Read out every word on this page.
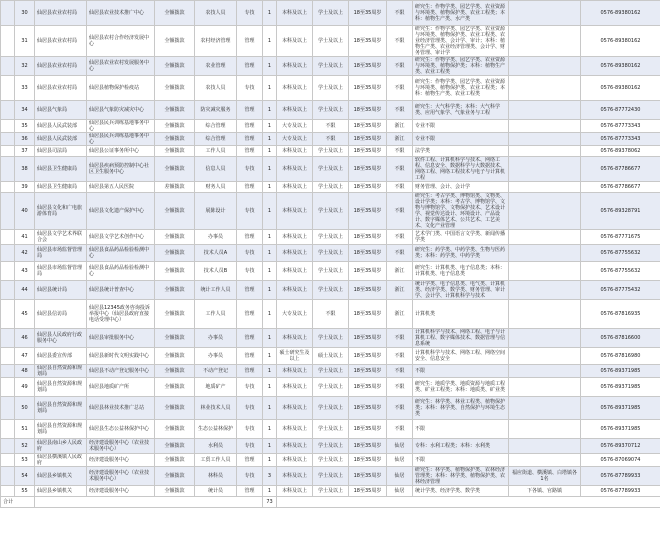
	30	仙居县农业农村局	仙居县农业技术推广中心	全额拨款	农技人员	专技	1	本科及以上	学士及以上	18至35周岁	不限	研究生：作物学类、园艺学类、农业资源与环境类、植物保护类、农业工程类；本科：植物生产类、水产类		0576-89380162
	31	仙居县农业农村局	仙居县农村合作经济发展中心	全额拨款	农村经济管理	管理	1	本科及以上	学士及以上	18至35周岁	不限	研究生：作物学类、园艺学类、农业资源与环境类、植物保护类、农业工程类、农业经济管理类、会计学、审计；本科：植物生产类、农业经济管理类、会计学、财务管理、审计学		0576-89380162
	32	仙居县农业农村局	仙居县农业农村发展服务中心	全额拨款	农业管理	管理	1	本科及以上	学士及以上	18至35周岁	不限	研究生：作物学类、园艺学类、农业资源与环境类、植物保护类；本科：植物生产类、农业工程类		0576-89380162
	33	仙居县农业农村局	仙居县植物保护检疫站	全额拨款	农技人员	专技	1	本科及以上	学士及以上	18至35周岁	不限	研究生：作物学类、园艺学类、农业资源与环境类、植物保护类、农业工程类；本科：植物生产类、农业工程类		0576-89380162
	34	仙居县气象局	仙居县气象防灾减灾中心	全额拨款	防灾减灾服务	管理	1	本科及以上	学士及以上	18至35周岁	不限	研究生：大气科学类；本科：大气科学类、应用气象学、气象业务与工程		0576-87772430
	35	仙居县人民武装部	仙居县民兵训练基地事务中心	全额拨款	综合管理	管理	1	大专及以上	不限	18至35周岁	浙江	专业不限		0576-87773343
	36	仙居县人民武装部	仙居县民兵训练基地事务中心	全额拨款	综合管理	管理	1	大专及以上	不限	18至35周岁	浙江	专业不限		0576-87773343
	37	仙居县司法局	仙居县公证事务所中心	全额拨款	工作人员	管理	1	本科及以上	学士及以上	18至35周岁	不限	法学类		0576-89378062
	38	仙居县卫生健康局	仙居县疾病预防控制中心社区卫生服务中心	全额拨款	信息人员	专技	1	本科及以上	学士及以上	18至35周岁	不限	软件工程、计算机科学与技术、网络工程、信息安全、数据科学与大数据技术、网络工程、网络工程技术与电子与计算机工程		0576-87786677
	39	仙居县卫生健康局	仙居县第五人民医院	差额拨款	财务人员	管理	1	本科及以上	学士及以上	18至35周岁	不限	财务管理、会计、会计学		0576-87786677
	40	仙居县文化和广电旅游体育局	仙居县文化遗产保护中心	全额拨款	展陈设计	专技	1	本科及以上	学士及以上	18至35周岁	不限	研究生：考古学类、博物馆类、文物类、设计学类；本科：考古学、博物馆学、文物与博物馆学、文物保护技术、艺术设计学、视觉传达设计、环境设计、产品设计、数字媒体艺术、公共艺术、工艺美术、文化产业管理		0576-89328791
	41	仙居县文学艺术界联合会	仙居县文学艺术创作中心	全额拨款	办事员	管理	1	本科及以上	学士及以上	18至35周岁	不限	艺术学门类、中国语言文学类、新闻传播学类		0576-87771675
	42	仙居县市场监督管理局	仙居县食品药品检验检测中心	全额拨款	技术人员A	专技	1	本科及以上	学士及以上	18至35周岁	不限	研究生：药学类、中药学类、生物与医药类；本科：药学类、中药学类		0576-87755632
	43	仙居县市场监督管理局	仙居县食品药品检验检测中心	全额拨款	技术人员B	专技	1	本科及以上	学士及以上	18至35周岁	浙江	研究生：计算机类、电子信息类；本科：计算机类、电子信息类		0576-87755632
	44	仙居县统计局	仙居县统计普查中心	全额拨款	统计工作人员	管理	1	本科及以上	学士及以上	18至35周岁	浙江	统计学类、电子信息类、电气类、计算机类、经济学类、数学类、财务管理、审计学、会计学、计算机科学与技术		0576-87775432
	45	仙居县信访局	仙居县12345政务咨询投诉举报中心（仙居县政府直接电话受理中心）	全额拨款	工作人员	管理	1	大专及以上	不限	18至35周岁	浙江	计算机类		0576-87816935
	46	仙居县人民政府行政服务中心	仙居县审批服务中心	全额拨款	办事员	管理	1	本科及以上	学士及以上	18至35周岁	不限	计算机科学与技术、网络工程、电子与计算机工程、数字媒体技术、数据管理与信息系统		0576-87816600
	47	仙居县委宣传部	仙居县新时代文明实践中心	全额拨款	办事员	管理	1	硕士研究生及以上	硕士及以上	18至35周岁	不限	计算机科学与技术、网络工程、网络空间安全、信息安全		0576-87816980
	48	仙居县自然资源和规划局	仙居县不动产登记服务中心	全额拨款	不动产登记	管理	1	本科及以上	学士及以上	18至35周岁	不限	不限		0576-89371985
	49	仙居县自然资源和规划局	仙居县地质矿产所	全额拨款	地质矿产	专技	1	本科及以上	学士及以上	18至35周岁	不限	研究生：地质学类、地质资源与地质工程类、矿业工程类；本科：地质类、矿业类		0576-89371985
	50	仙居县自然资源和规划局	仙居县林业技术推广总站	全额拨款	林业技术人员	专技	1	本科及以上	学士及以上	18至35周岁	不限	研究生：林学类、林业工程类、植物保护类；本科：林学类、自然保护与环境生态类		0576-89371985
	51	仙居县自然资源和规划局	仙居县生态公益林保护中心	全额拨款	生态公益林保护	专技	1	本科及以上	学士及以上	18至35周岁	不限	不限		0576-89371985
	52	仙居县南山乡人民政府	经济建设服务中心（农业技术服务中心）	全额拨款	水利员	专技	1	本科及以上	学士及以上	18至35周岁	仙居	专科：水利工程类；本科：水利类		0576-89370712
	53	仙居县横溪镇人民政府	经济建设服务中心	全额拨款	工贸工作人员	管理	1	本科及以上	学士及以上	18至35周岁	仙居	不限		0576-87069074
	54	仙居县乡镇机关	经济建设服务中心（农业技术服务中心）	全额拨款	林科员	专技	3	本科及以上	学士及以上	18至35周岁	仙居	研究生：林学类、植物保护类、农林经济管理类；本科：林学类、植物保护类、农林经济管理	福应街道、横溪镇、白塔镇各1名	0576-87789933
	55	仙居县乡镇机关	经济建设服务中心	全额拨款	统计员	管理	1	本科及以上	学士及以上	18至35周岁	仙居	统计学类、经济学类、数学类	下各镇、官路镇	0576-87789933
合计							73							
